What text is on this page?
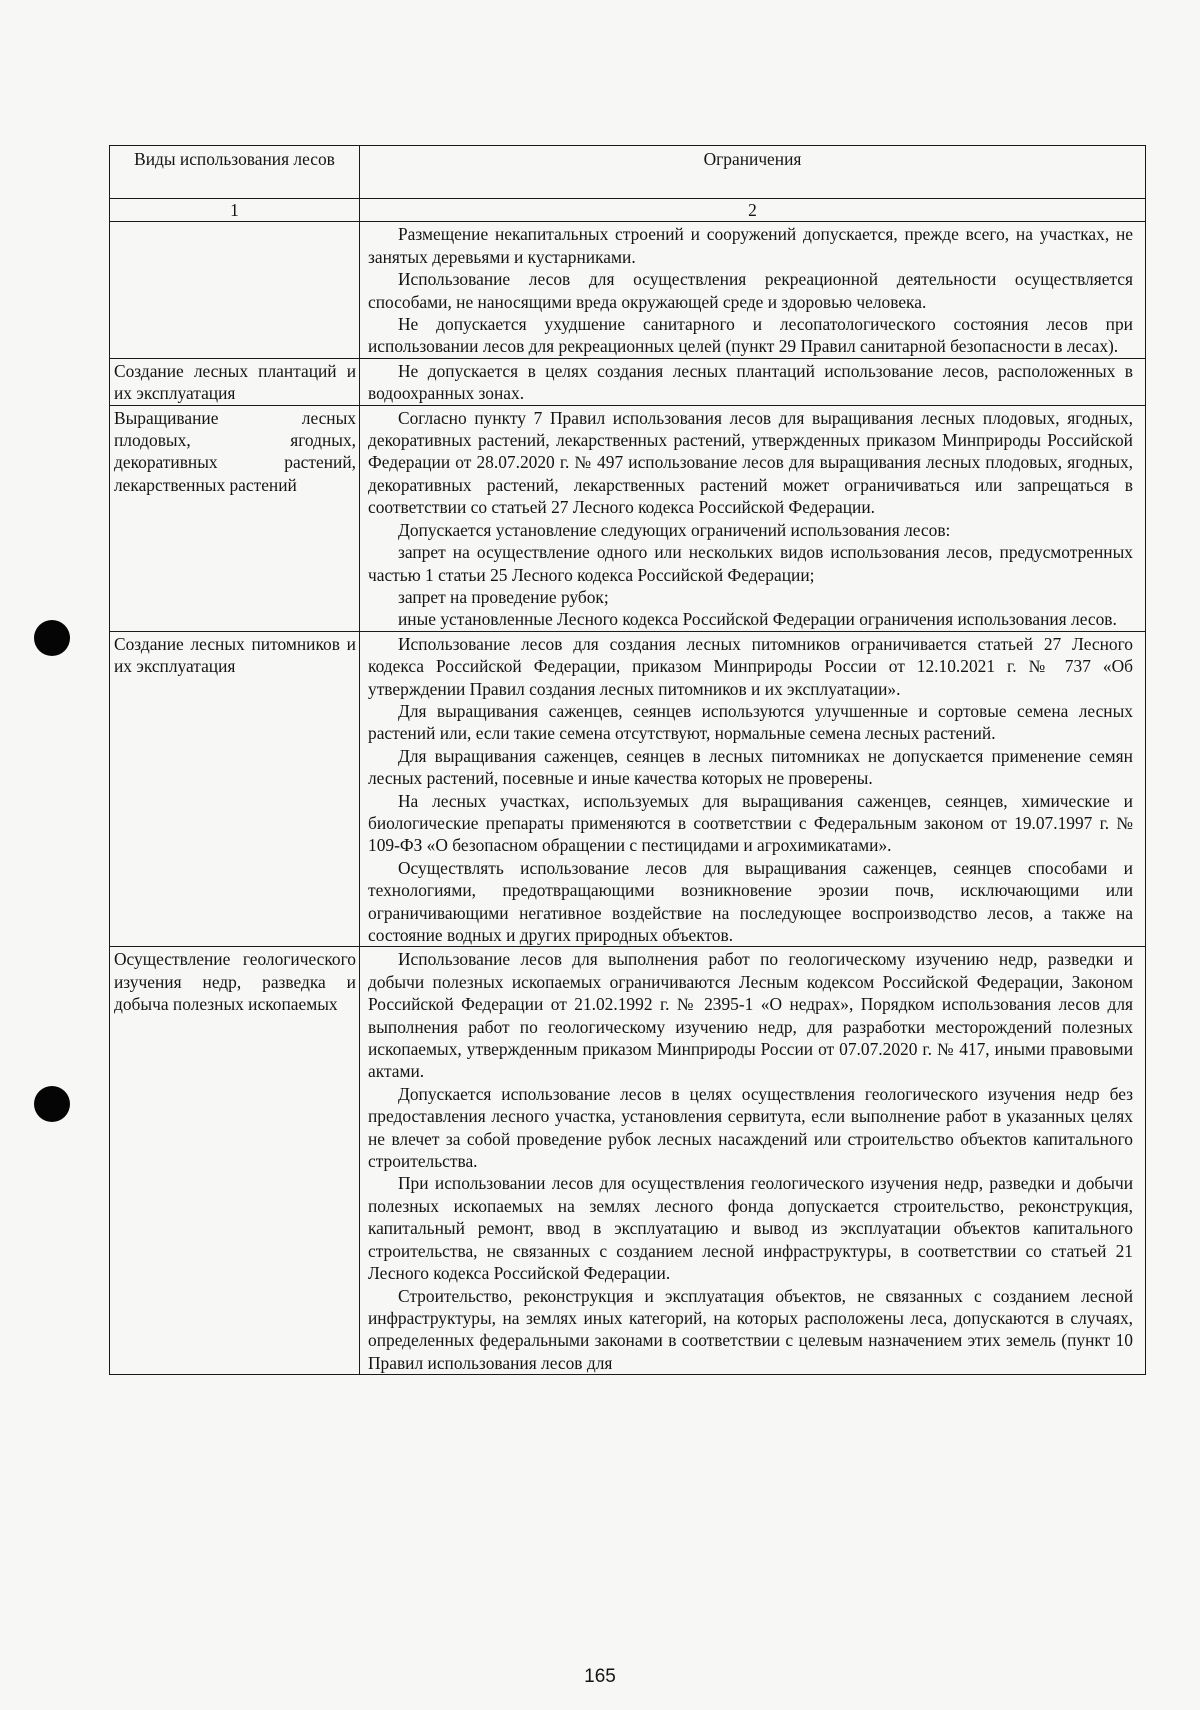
Виды использования лесов	Ограничения
1	2

	Размещение некапитальных строений и сооружений допускается, прежде всего, на участках, не занятых деревьями и кустарниками.

Использование лесов для осуществления рекреационной деятельности осуществляется способами, не наносящими вреда окружающей среде и здоровью человека.

Не допускается ухудшение санитарного и лесопатологического состояния лесов при использовании лесов для рекреационных целей (пункт 29 Правил санитарной безопасности в лесах).

Создание лесных плантаций и их эксплуатация	Не допускается в целях создания лесных плантаций использование лесов, расположенных в водоохранных зонах.

Выращивание лесных плодовых, ягодных, декоративных растений, лекарственных растений	Согласно пункту 7 Правил использования лесов для выращивания лесных плодовых, ягодных, декоративных растений, лекарственных растений, утвержденных приказом Минприроды Российской Федерации от 28.07.2020 г. № 497 использование лесов для выращивания лесных плодовых, ягодных, декоративных растений, лекарственных растений может ограничиваться или запрещаться в соответствии со статьей 27 Лесного кодекса Российской Федерации.

Допускается установление следующих ограничений использования лесов:

запрет на осуществление одного или нескольких видов использования лесов, предусмотренных частью 1 статьи 25 Лесного кодекса Российской Федерации;

запрет на проведение рубок;

иные установленные Лесного кодекса Российской Федерации ограничения использования лесов.

Создание лесных питомников и их эксплуатация	Использование лесов для создания лесных питомников ограничивается статьей 27 Лесного кодекса Российской Федерации, приказом Минприроды России от 12.10.2021 г. № 737 «Об утверждении Правил создания лесных питомников и их эксплуатации».

Для выращивания саженцев, сеянцев используются улучшенные и сортовые семена лесных растений или, если такие семена отсутствуют, нормальные семена лесных растений.

Для выращивания саженцев, сеянцев в лесных питомниках не допускается применение семян лесных растений, посевные и иные качества которых не проверены.

На лесных участках, используемых для выращивания саженцев, сеянцев, химические и биологические препараты применяются в соответствии с Федеральным законом от 19.07.1997 г. № 109-ФЗ «О безопасном обращении с пестицидами и агрохимикатами».

Осуществлять использование лесов для выращивания саженцев, сеянцев способами и технологиями, предотвращающими возникновение эрозии почв, исключающими или ограничивающими негативное воздействие на последующее воспроизводство лесов, а также на состояние водных и других природных объектов.

Осуществление геологического изучения недр, разведка и добыча полезных ископаемых	Использование лесов для выполнения работ по геологическому изучению недр, разведки и добычи полезных ископаемых ограничиваются Лесным кодексом Российской Федерации, Законом Российской Федерации от 21.02.1992 г. № 2395-1 «О недрах», Порядком использования лесов для выполнения работ по геологическому изучению недр, для разработки месторождений полезных ископаемых, утвержденным приказом Минприроды России от 07.07.2020 г. № 417, иными правовыми актами.

Допускается использование лесов в целях осуществления геологического изучения недр без предоставления лесного участка, установления сервитута, если выполнение работ в указанных целях не влечет за собой проведение рубок лесных насаждений или строительство объектов капитального строительства.

При использовании лесов для осуществления геологического изучения недр, разведки и добычи полезных ископаемых на землях лесного фонда допускается строительство, реконструкция, капитальный ремонт, ввод в эксплуатацию и вывод из эксплуатации объектов капитального строительства, не связанных с созданием лесной инфраструктуры, в соответствии со статьей 21 Лесного кодекса Российской Федерации.

Строительство, реконструкция и эксплуатация объектов, не связанных с созданием лесной инфраструктуры, на землях иных категорий, на которых расположены леса, допускаются в случаях, определенных федеральными законами в соответствии с целевым назначением этих земель (пункт 10 Правил использования лесов для

165
